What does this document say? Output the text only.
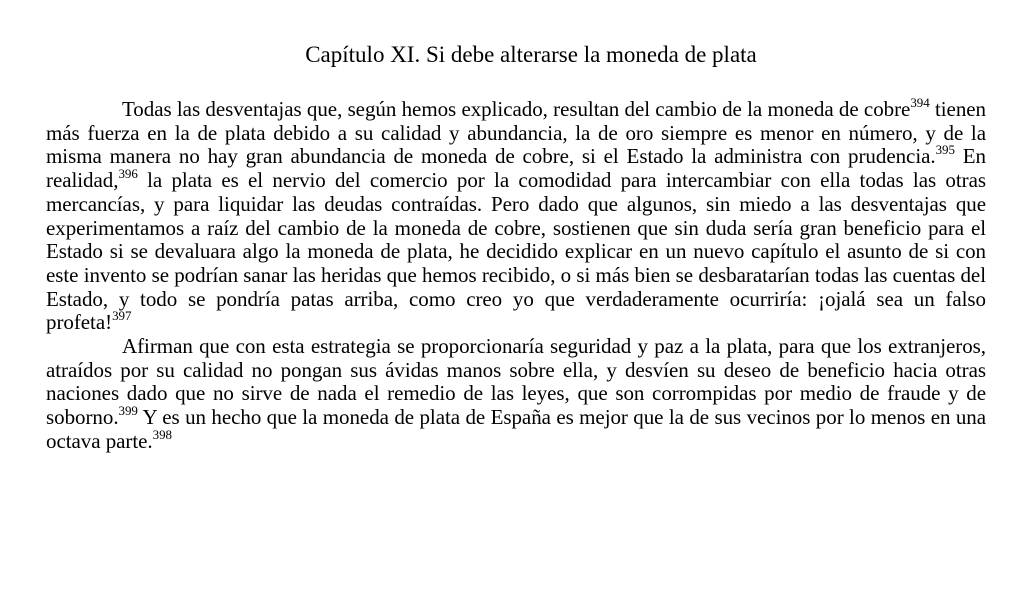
Capítulo XI. Si debe alterarse la moneda de plata

Todas las desventajas que, según hemos explicado, resultan del cambio de la moneda de cobre$^{394}$ tienen más fuerza en la de plata debido a su calidad y abundancia, la de oro siempre es menor en número, y de la misma manera no hay gran abundancia de moneda de cobre, si el Estado la administra con prudencia.$^{395}$ En realidad,$^{396}$ la plata es el nervio del comercio por la comodidad para intercambiar con ella todas las otras mercancías, y para liquidar las deudas contraídas. Pero dado que algunos, sin miedo a las desventajas que experimentamos a raíz del cambio de la moneda de cobre, sostienen que sin duda sería gran beneficio para el Estado si se devaluara algo la moneda de plata, he decidido explicar en un nuevo capítulo el asunto de si con este invento se podrían sanar las heridas que hemos recibido, o si más bien se desbaratarían todas las cuentas del Estado, y todo se pondría patas arriba, como creo yo que verdaderamente ocurriría: ¡ojalá sea un falso profeta!$^{397}$

Afirman que con esta estrategia se proporcionaría seguridad y paz a la plata, para que los extranjeros, atraídos por su calidad no pongan sus ávidas manos sobre ella, y desvíen su deseo de beneficio hacia otras naciones dado que no sirve de nada el remedio de las leyes, que son corrompidas por medio de fraude y de soborno.$^{399}$ Y es un hecho que la moneda de plata de España es mejor que la de sus vecinos por lo menos en una octava parte.$^{398}$
